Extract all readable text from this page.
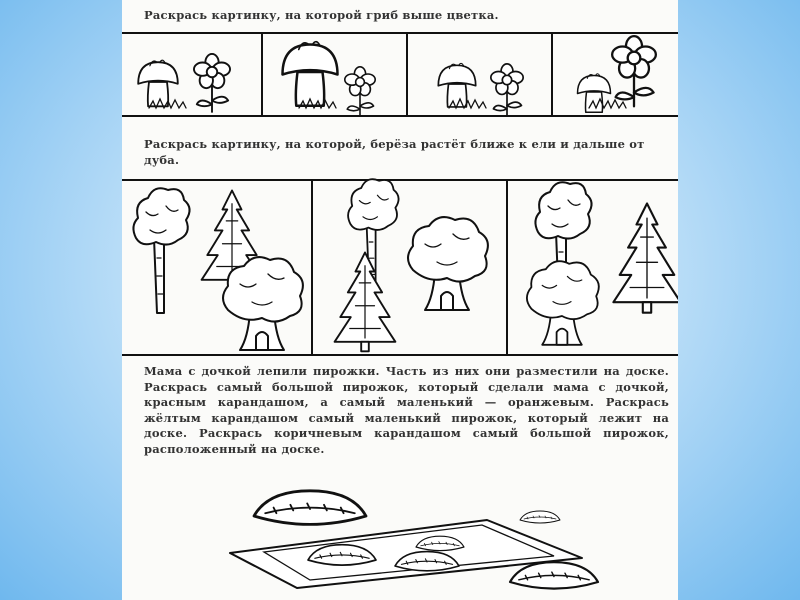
Раскрась картинку, на которой гриб выше цветка.

Раскрась картинку, на которой, берёза растёт ближе к ели и дальше от дуба.

Мама с дочкой лепили пирожки. Часть из них они разместили на доске. Раскрась самый большой пирожок, который сделали мама с дочкой, красным карандашом, а самый маленький — оранжевым. Раскрась жёлтым карандашом самый маленький пирожок, который лежит на доске. Раскрась коричневым карандашом самый большой пирожок, расположенный на доске.
